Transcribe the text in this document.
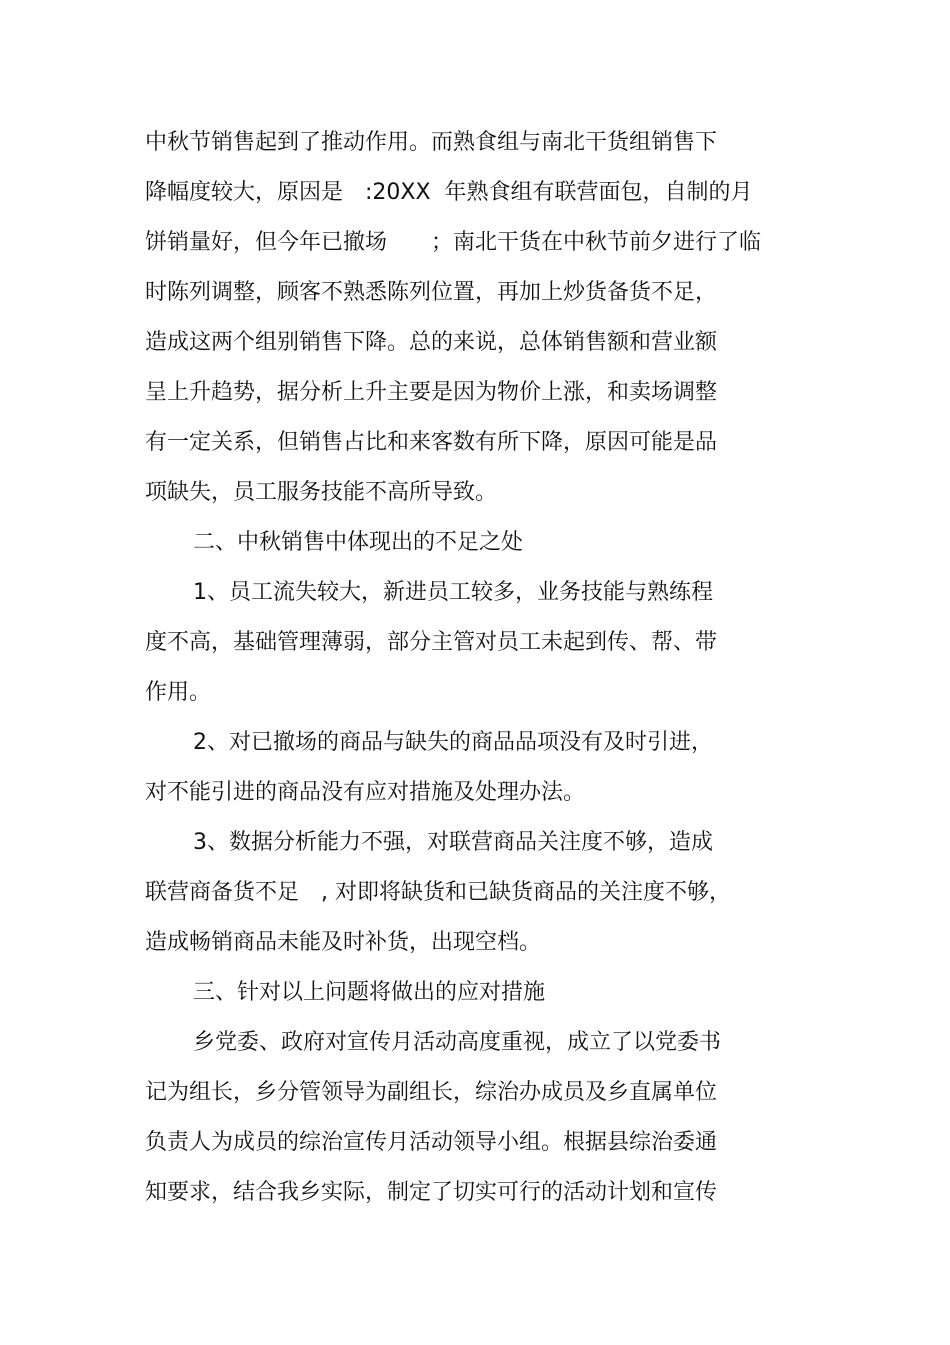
中秋节销售起到了推动作用。而熟食组与南北干货组销售下
降幅度较大，原因是　:20XX  年熟食组有联营面包，自制的月
饼销量好，但今年已撤场　　；南北干货在中秋节前夕进行了临
时陈列调整，顾客不熟悉陈列位置，再加上炒货备货不足，
造成这两个组别销售下降。总的来说，总体销售额和营业额
呈上升趋势，据分析上升主要是因为物价上涨，和卖场调整
有一定关系，但销售占比和来客数有所下降，原因可能是品
项缺失，员工服务技能不高所导致。
二、中秋销售中体现出的不足之处
1、员工流失较大，新进员工较多，业务技能与熟练程
度不高，基础管理薄弱，部分主管对员工未起到传、帮、带
作用。
2、对已撤场的商品与缺失的商品品项没有及时引进，
对不能引进的商品没有应对措施及处理办法。
3、数据分析能力不强，对联营商品关注度不够，造成
联营商备货不足　, 对即将缺货和已缺货商品的关注度不够，
造成畅销商品未能及时补货，出现空档。
三、针对以上问题将做出的应对措施
乡党委、政府对宣传月活动高度重视，成立了以党委书
记为组长，乡分管领导为副组长，综治办成员及乡直属单位
负责人为成员的综治宣传月活动领导小组。根据县综治委通
知要求，结合我乡实际，制定了切实可行的活动计划和宣传
